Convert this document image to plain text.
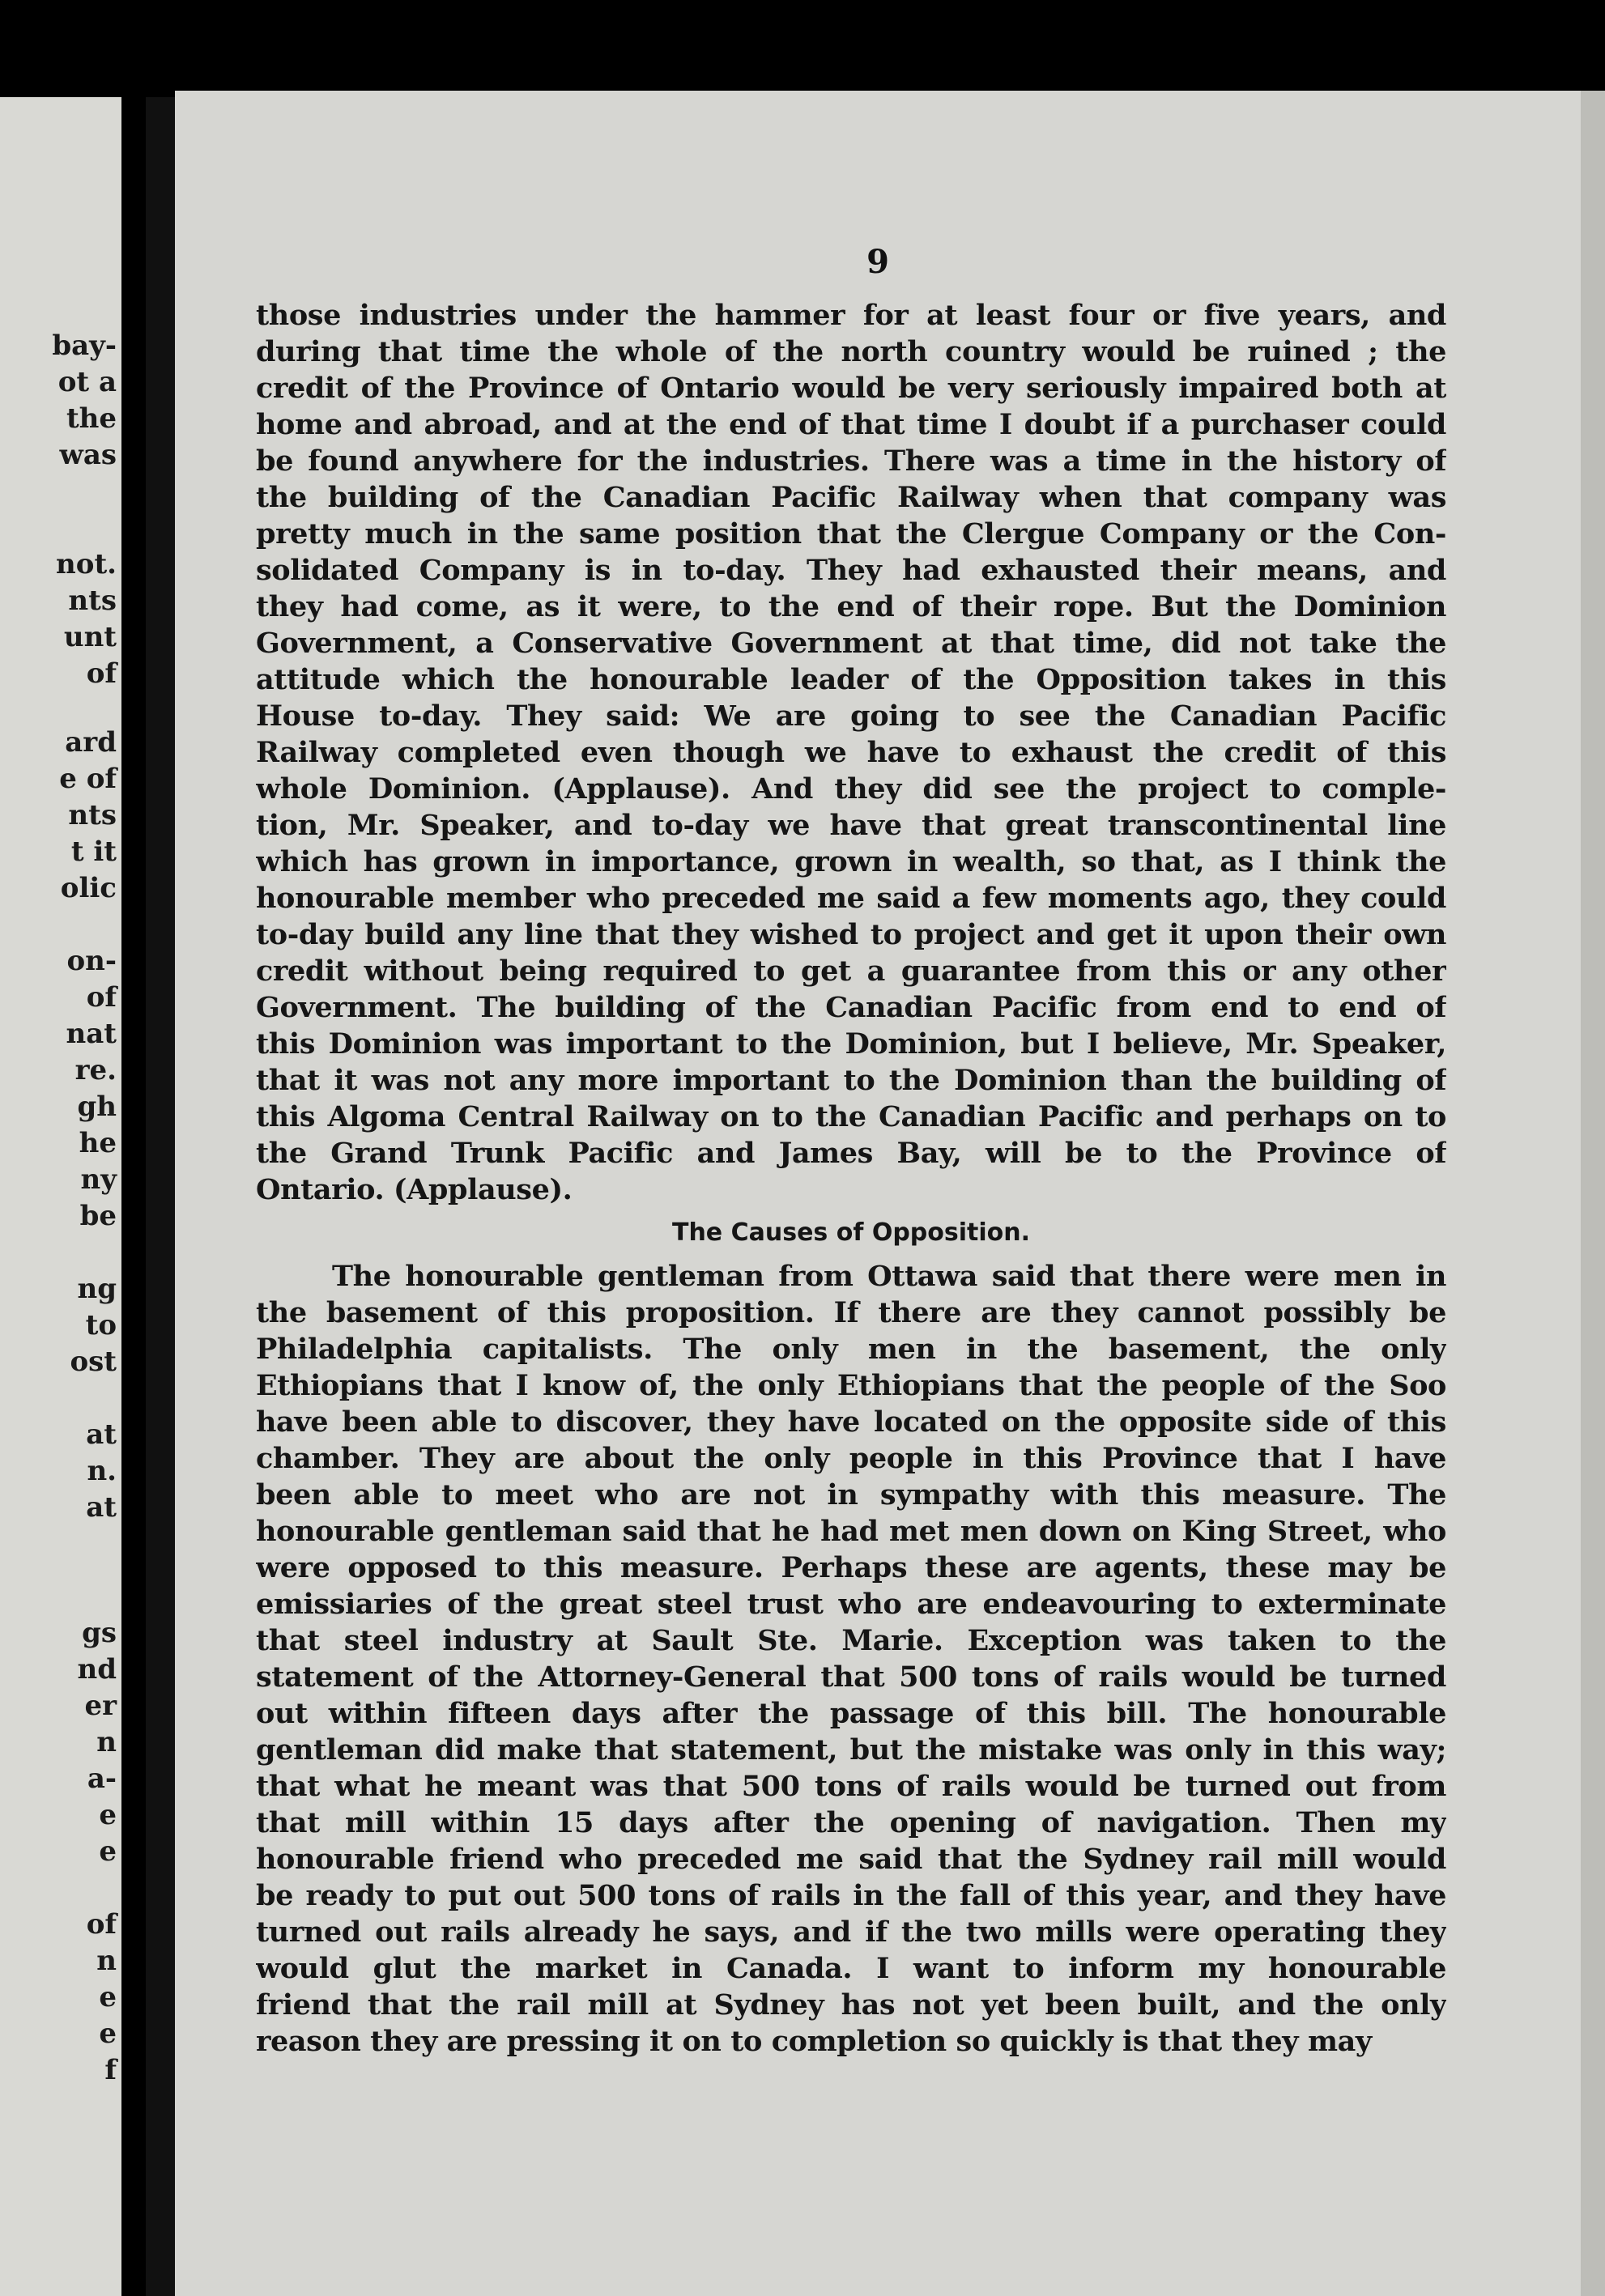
bay-
ot a
the
was
not.
nts
unt
of
ard
e of
nts
t it
olic
on-
of
nat
re.
gh
he
ny
be
ng
to
ost
at
n.
at
gs
nd
er
n
a-
e
e
of
n
e
e
f
9
those industries under the hammer for at least four or five years, and
during that time the whole of the north country would be ruined ; the
credit of the Province of Ontario would be very seriously impaired both at
home and abroad, and at the end of that time I doubt if a purchaser could
be found anywhere for the industries. There was a time in the history of
the building of the Canadian Pacific Railway when that company was
pretty much in the same position that the Clergue Company or the Con-
solidated Company is in to-day. They had exhausted their means, and
they had come, as it were, to the end of their rope. But the Dominion
Government, a Conservative Government at that time, did not take the
attitude which the honourable leader of the Opposition takes in this
House to-day. They said: We are going to see the Canadian Pacific
Railway completed even though we have to exhaust the credit of this
whole Dominion. (Applause). And they did see the project to comple-
tion, Mr. Speaker, and to-day we have that great transcontinental line
which has grown in importance, grown in wealth, so that, as I think the
honourable member who preceded me said a few moments ago, they could
to-day build any line that they wished to project and get it upon their own
credit without being required to get a guarantee from this or any other
Government. The building of the Canadian Pacific from end to end of
this Dominion was important to the Dominion, but I believe, Mr. Speaker,
that it was not any more important to the Dominion than the building of
this Algoma Central Railway on to the Canadian Pacific and perhaps on to
the Grand Trunk Pacific and James Bay, will be to the Province of
Ontario. (Applause).
The Causes of Opposition.
The honourable gentleman from Ottawa said that there were men in
the basement of this proposition. If there are they cannot possibly be
Philadelphia capitalists. The only men in the basement, the only
Ethiopians that I know of, the only Ethiopians that the people of the Soo
have been able to discover, they have located on the opposite side of this
chamber. They are about the only people in this Province that I have
been able to meet who are not in sympathy with this measure. The
honourable gentleman said that he had met men down on King Street, who
were opposed to this measure. Perhaps these are agents, these may be
emissiaries of the great steel trust who are endeavouring to exterminate
that steel industry at Sault Ste. Marie. Exception was taken to the
statement of the Attorney-General that 500 tons of rails would be turned
out within fifteen days after the passage of this bill. The honourable
gentleman did make that statement, but the mistake was only in this way;
that what he meant was that 500 tons of rails would be turned out from
that mill within 15 days after the opening of navigation. Then my
honourable friend who preceded me said that the Sydney rail mill would
be ready to put out 500 tons of rails in the fall of this year, and they have
turned out rails already he says, and if the two mills were operating they
would glut the market in Canada. I want to inform my honourable
friend that the rail mill at Sydney has not yet been built, and the only
reason they are pressing it on to completion so quickly is that they may
